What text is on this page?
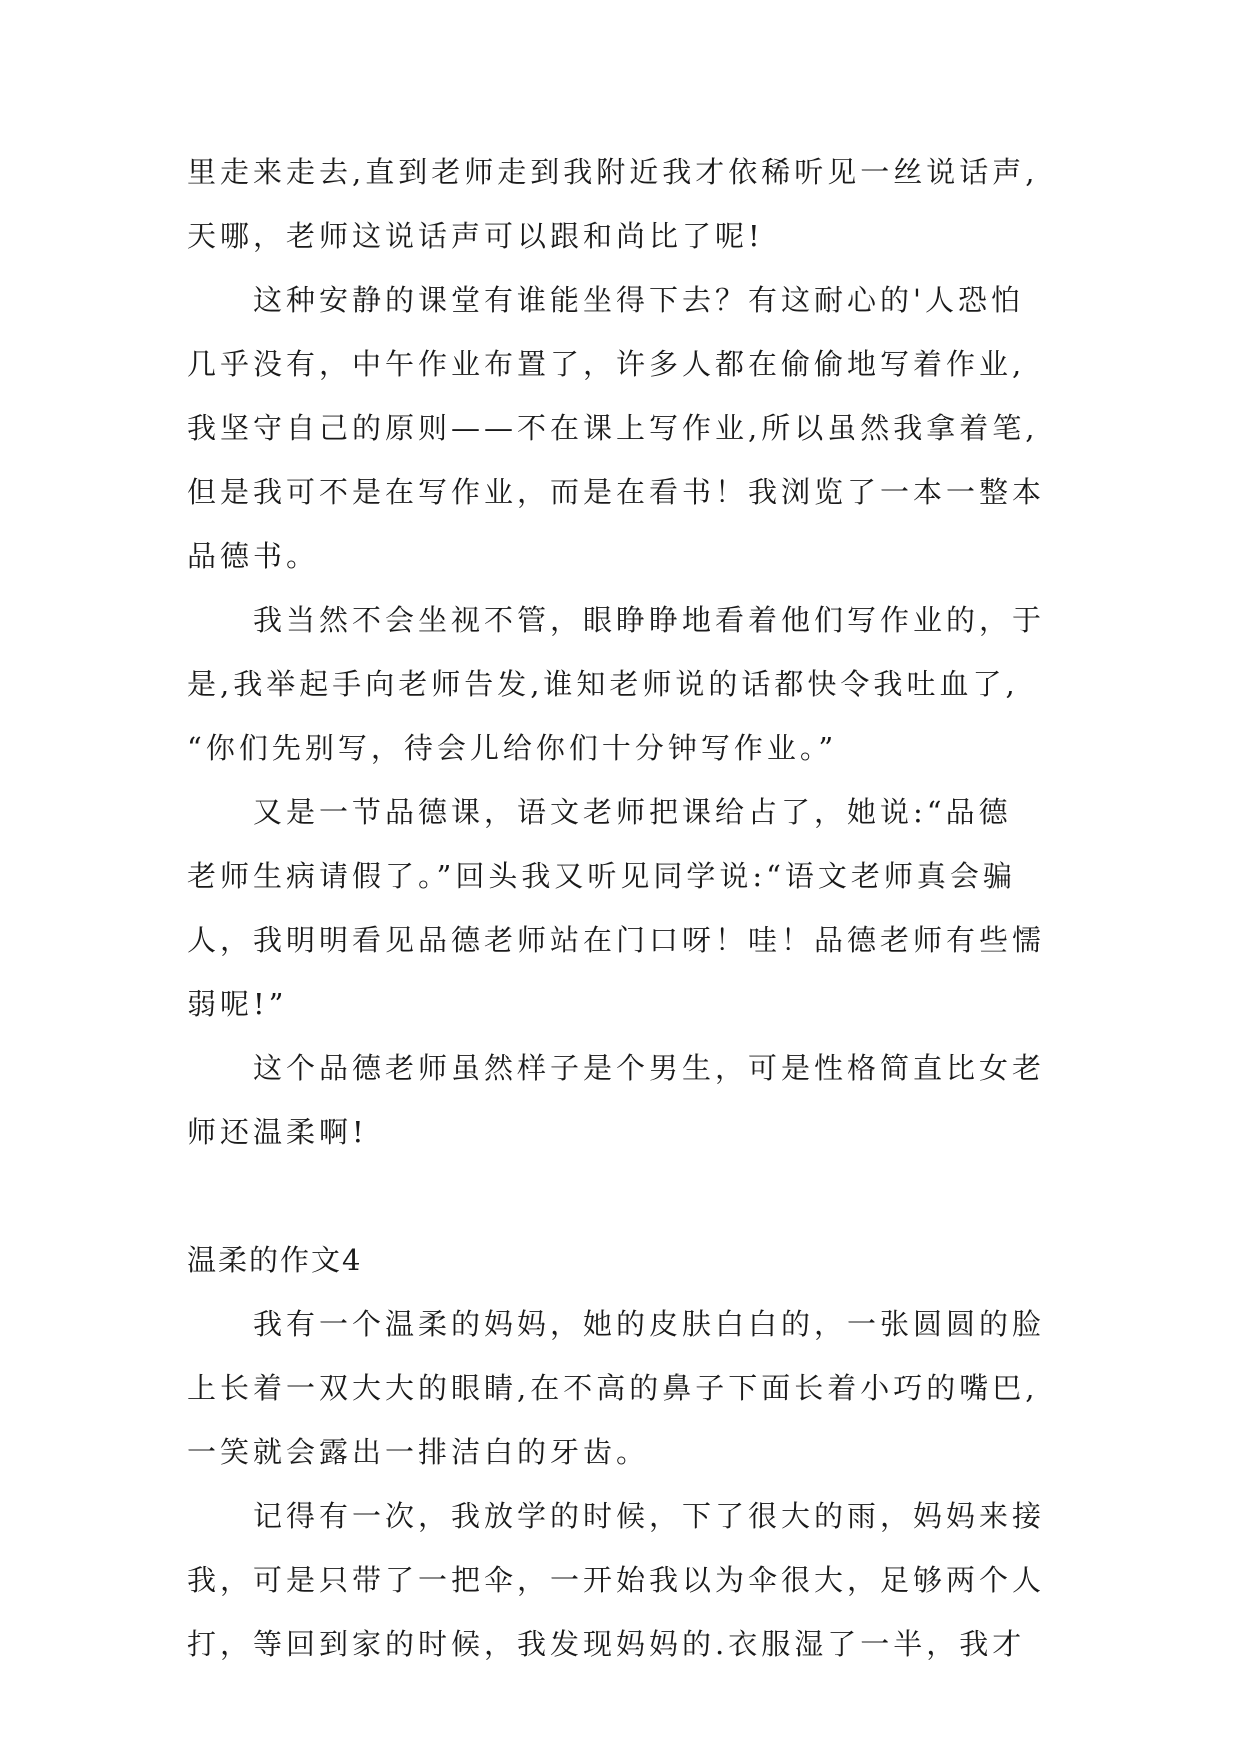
里走来走去,直到老师走到我附近我才依稀听见一丝说话声,
天哪，老师这说话声可以跟和尚比了呢!
这种安静的课堂有谁能坐得下去？有这耐心的'人恐怕
几乎没有，中午作业布置了，许多人都在偷偷地写着作业,
我坚守自己的原则——不在课上写作业,所以虽然我拿着笔,
但是我可不是在写作业，而是在看书！我浏览了一本一整本
品德书。
我当然不会坐视不管，眼睁睁地看着他们写作业的，于
是,我举起手向老师告发,谁知老师说的话都快令我吐血了,
“你们先别写，待会儿给你们十分钟写作业。”
又是一节品德课，语文老师把课给占了，她说:“品德
老师生病请假了。”回头我又听见同学说:“语文老师真会骗
人，我明明看见品德老师站在门口呀！哇！品德老师有些懦
弱呢!”
这个品德老师虽然样子是个男生，可是性格简直比女老
师还温柔啊!
温柔的作文4
我有一个温柔的妈妈，她的皮肤白白的，一张圆圆的脸
上长着一双大大的眼睛,在不高的鼻子下面长着小巧的嘴巴,
一笑就会露出一排洁白的牙齿。
记得有一次，我放学的时候，下了很大的雨，妈妈来接
我，可是只带了一把伞，一开始我以为伞很大，足够两个人
打，等回到家的时候，我发现妈妈的.衣服湿了一半，我才
